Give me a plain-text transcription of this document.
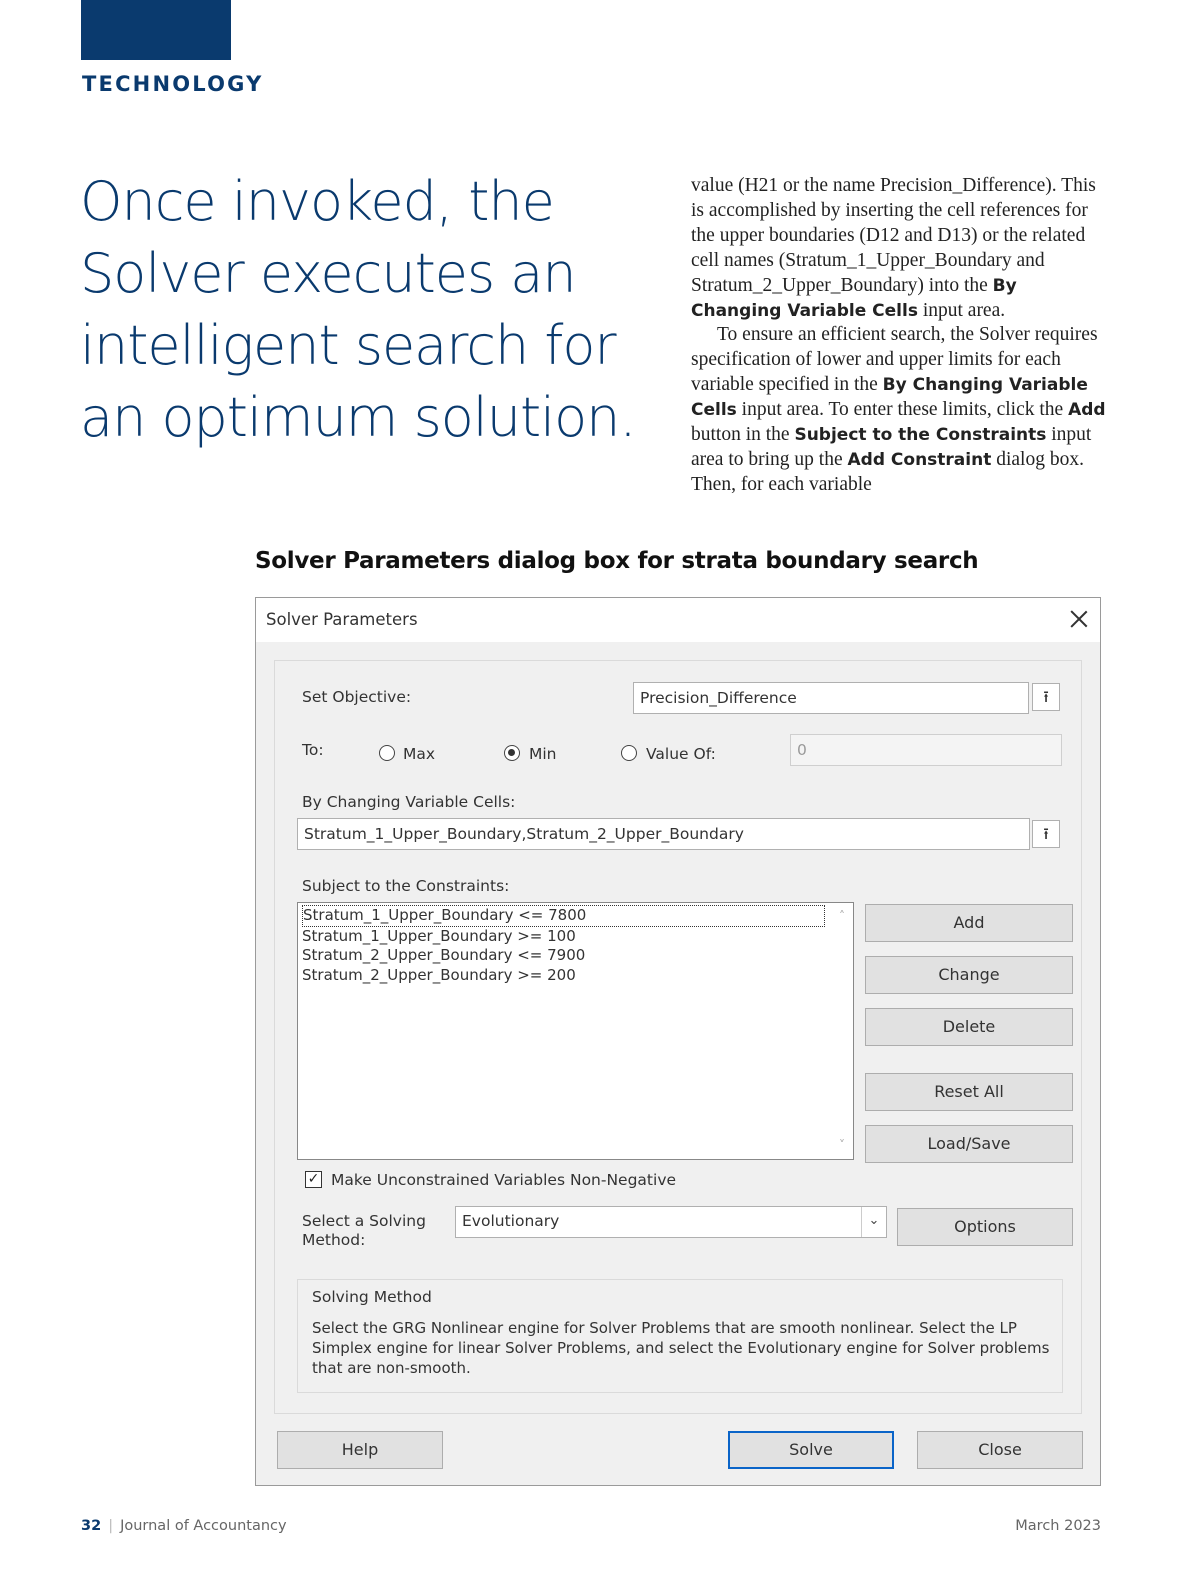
TECHNOLOGY
Once invoked, the
Solver executes an
intelligent search for
an optimum solution.

value (H21 or the name Precision_Difference). This is accomplished by inserting the cell references for the upper boundaries (D12 and D13) or the related cell names (Stratum_1_Upper_Boundary and Stratum_2_Upper_Boundary) into the By Changing Variable Cells input area.

To ensure an efficient search, the Solver requires specification of lower and upper limits for each variable specified in the By Changing Variable Cells input area. To enter these limits, click the Add button in the Subject to the Constraints input area to bring up the Add Constraint dialog box. Then, for each variable

Solver Parameters dialog box for strata boundary search
Solver Parameters
Set Objective:	Precision_Difference	⭱
To:	Max	Min	Value Of:	0
By Changing Variable Cells:
Stratum_1_Upper_Boundary,Stratum_2_Upper_Boundary	⭱
Subject to the Constraints:
Stratum_1_Upper_Boundary <= 7800
Stratum_1_Upper_Boundary >= 100
Stratum_2_Upper_Boundary <= 7900
Stratum_2_Upper_Boundary >= 200
˄
˅
Add
Change
Delete
Reset All
Load/Save
✓ Make Unconstrained Variables Non-Negative
Select a Solving
Method:
Evolutionary	⌄	Options
Solving Method
Select the GRG Nonlinear engine for Solver Problems that are smooth nonlinear. Select the LP Simplex engine for linear Solver Problems, and select the Evolutionary engine for Solver problems that are non-smooth.
Help	Solve	Close
32 | Journal of Accountancy	March 2023
